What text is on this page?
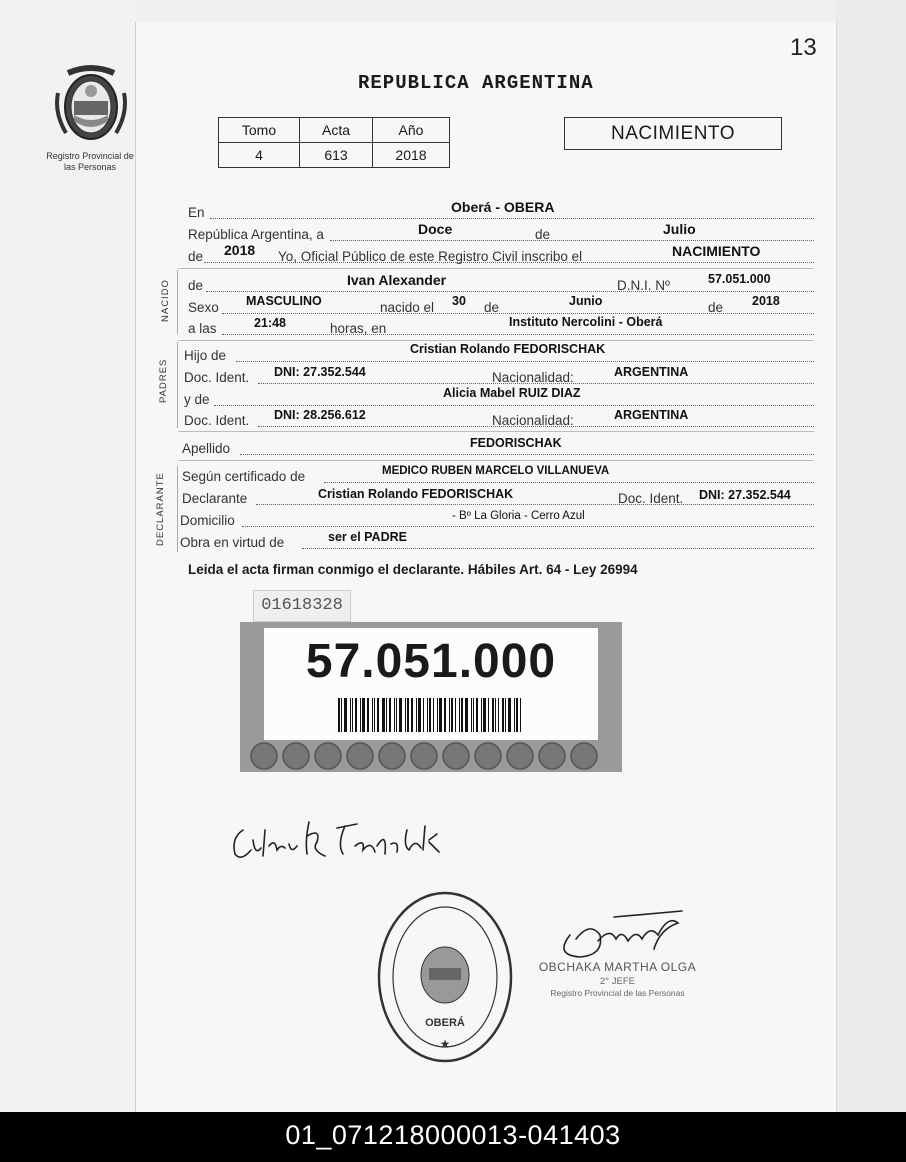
13
Registro Provincial de las Personas
REPUBLICA ARGENTINA
Tomo	Acta	Año
4	613	2018
NACIMIENTO
En	Oberá - OBERA
República Argentina, a	Doce	de	Julio
de 2018 Yo, Oficial Público de este Registro Civil inscribo el	NACIMIENTO
NACIDO de	Ivan Alexander	D.N.I. Nº	57.051.000
Sexo MASCULINO	nacido el 30 de	Junio	de 2018
a las	21:48	horas, en	Instituto Nercolini - Oberá
PADRES
Hijo de	Cristian Rolando FEDORISCHAK
Doc. Ident. DNI: 27.352.544	Nacionalidad:	ARGENTINA
y de	Alicia Mabel RUIZ DIAZ
Doc. Ident. DNI: 28.256.612	Nacionalidad:	ARGENTINA
Apellido	FEDORISCHAK
DECLARANTE Según certificado de	MEDICO RUBEN MARCELO VILLANUEVA
Declarante	Cristian Rolando FEDORISCHAK	Doc. Ident. DNI: 27.352.544
Domicilio	- Bº La Gloria - Cerro Azul
Obra en virtud de	ser el PADRE
Leida el acta firman conmigo el declarante. Hábiles Art. 64 - Ley 26994
01618328
57.051.000
OBERÁ
★
OBCHAKA MARTHA OLGA
2° JEFE
Registro Provincial de las Personas
01_071218000013-041403
